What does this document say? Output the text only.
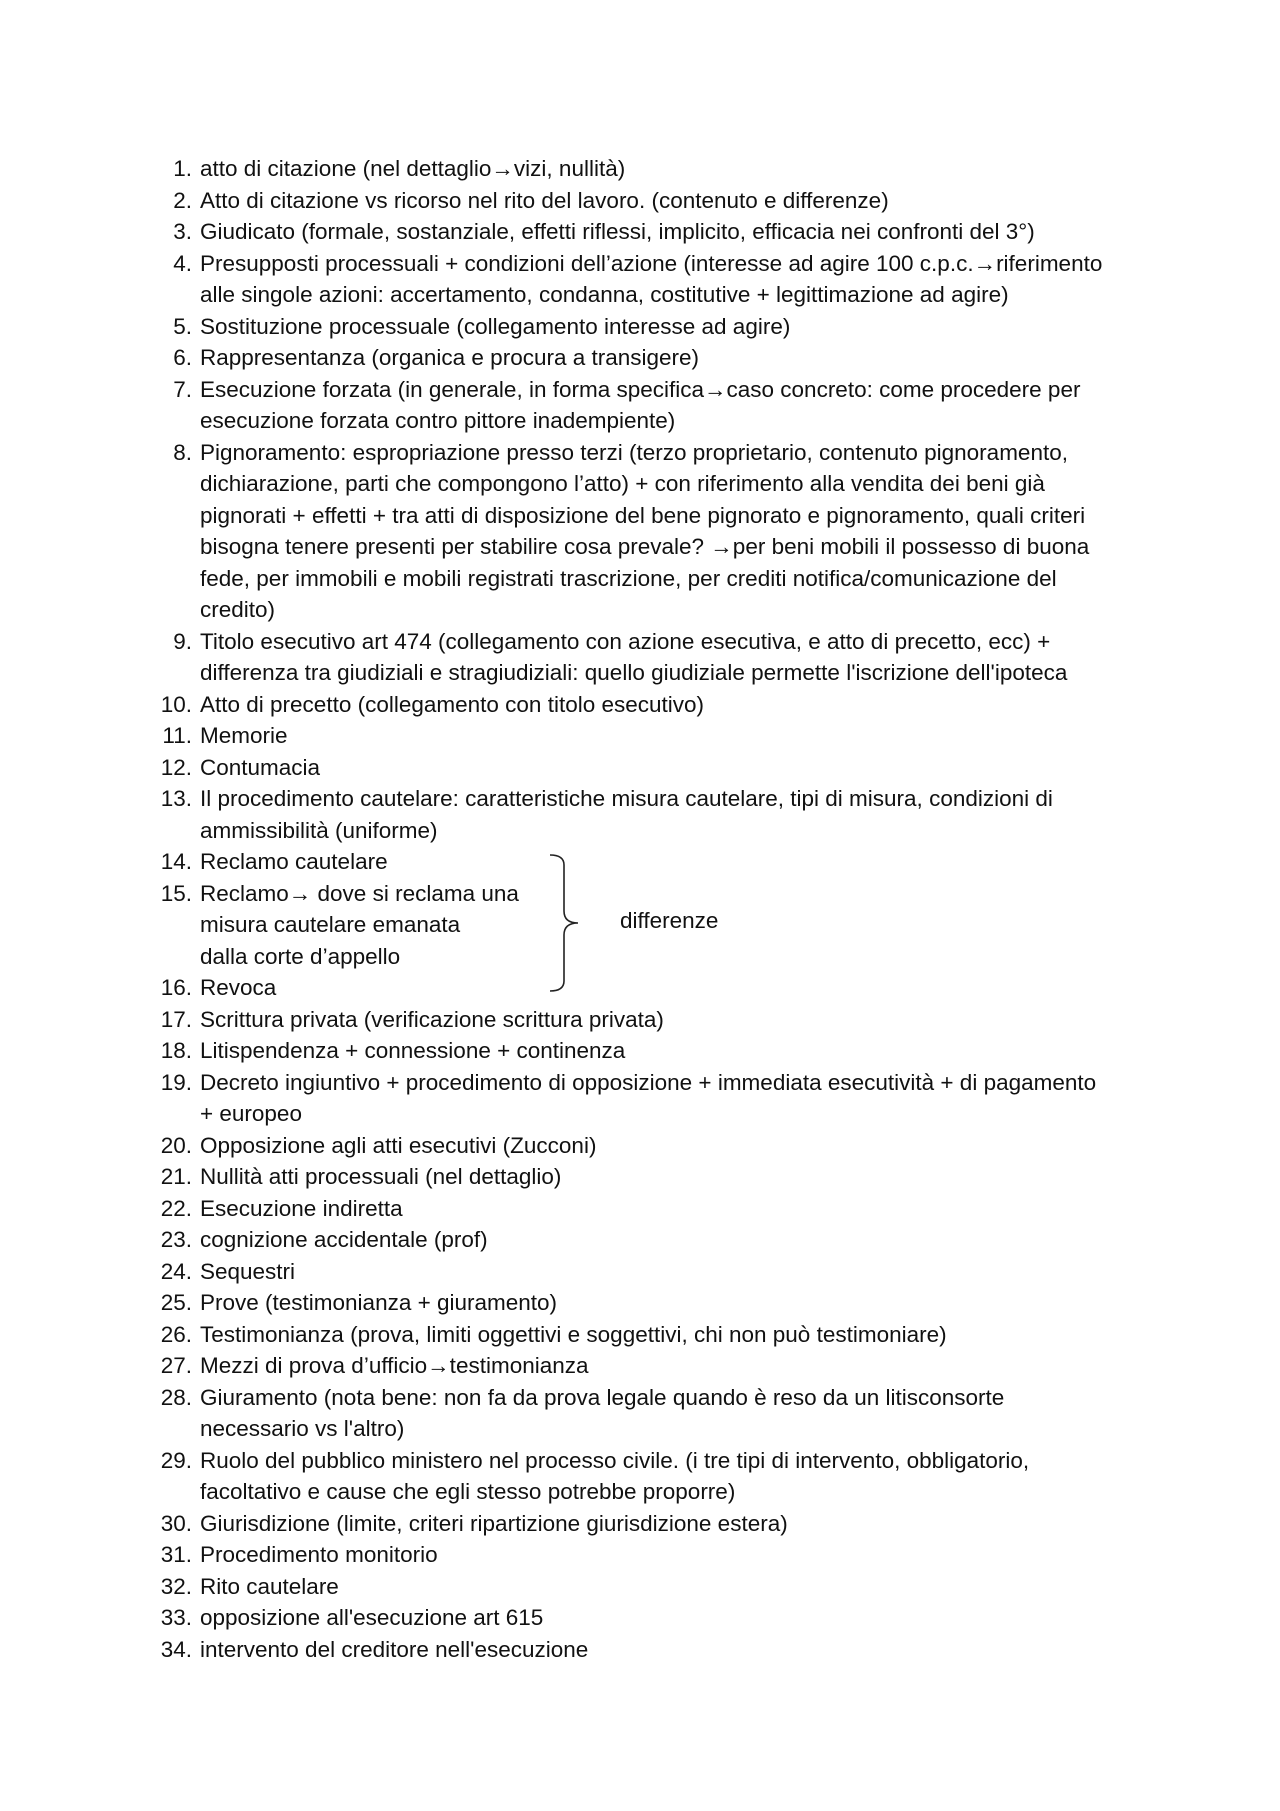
1. atto di citazione (nel dettaglio→vizi, nullità)
2. Atto di citazione vs ricorso nel rito del lavoro. (contenuto e differenze)
3. Giudicato (formale, sostanziale, effetti riflessi, implicito, efficacia nei confronti del 3°)
4. Presupposti processuali + condizioni dell’azione (interesse ad agire 100 c.p.c.→riferimento
alle singole azioni: accertamento, condanna, costitutive + legittimazione ad agire)
5. Sostituzione processuale (collegamento interesse ad agire)
6. Rappresentanza (organica e procura a transigere)
7. Esecuzione forzata (in generale, in forma specifica→caso concreto: come procedere per
esecuzione forzata contro pittore inadempiente)
8. Pignoramento: espropriazione presso terzi (terzo proprietario, contenuto pignoramento,
dichiarazione, parti che compongono l’atto) + con riferimento alla vendita dei beni già
pignorati + effetti + tra atti di disposizione del bene pignorato e pignoramento, quali criteri
bisogna tenere presenti per stabilire cosa prevale? →per beni mobili il possesso di buona
fede, per immobili e mobili registrati trascrizione, per crediti notifica/comunicazione del
credito)
9. Titolo esecutivo art 474 (collegamento con azione esecutiva, e atto di precetto, ecc) +
differenza tra giudiziali e stragiudiziali: quello giudiziale permette l'iscrizione dell'ipoteca
10. Atto di precetto (collegamento con titolo esecutivo)
11. Memorie
12. Contumacia
13. Il procedimento cautelare: caratteristiche misura cautelare, tipi di misura, condizioni di
ammissibilità (uniforme)
14. Reclamo cautelare
15. Reclamo→ dove si reclama una
misura cautelare emanata
dalla corte d’appello
16. Revoca
17. Scrittura privata (verificazione scrittura privata)
18. Litispendenza + connessione + continenza
19. Decreto ingiuntivo + procedimento di opposizione + immediata esecutività + di pagamento
+ europeo
20. Opposizione agli atti esecutivi (Zucconi)
21. Nullità atti processuali (nel dettaglio)
22. Esecuzione indiretta
23. cognizione accidentale (prof)
24. Sequestri
25. Prove (testimonianza + giuramento)
26. Testimonianza (prova, limiti oggettivi e soggettivi, chi non può testimoniare)
27. Mezzi di prova d’ufficio→testimonianza
28. Giuramento (nota bene: non fa da prova legale quando è reso da un litisconsorte
necessario vs l'altro)
29. Ruolo del pubblico ministero nel processo civile. (i tre tipi di intervento, obbligatorio,
facoltativo e cause che egli stesso potrebbe proporre)
30. Giurisdizione (limite, criteri ripartizione giurisdizione estera)
31. Procedimento monitorio
32. Rito cautelare
33. opposizione all'esecuzione art 615
34. intervento del creditore nell'esecuzione
differenze
